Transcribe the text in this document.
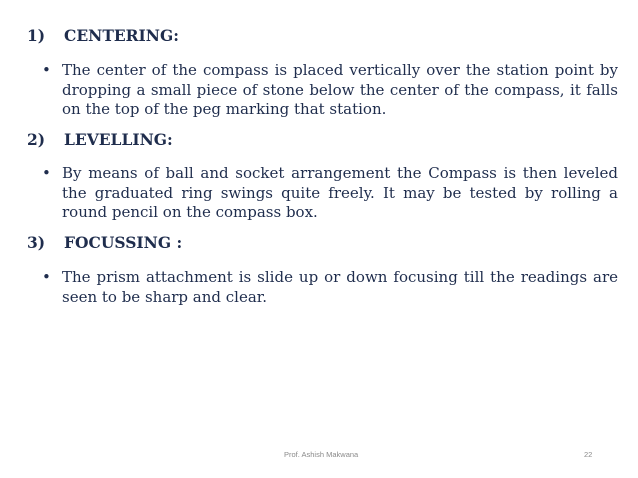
1) CENTERING:
• The center of the compass is placed vertically over the station point by dropping a small piece of stone below the center of the compass, it falls on the top of the peg marking that station.
2) LEVELLING:
• By means of ball and socket arrangement the Compass is then leveled the graduated ring swings quite freely. It may be tested by rolling a round pencil on the compass box.
3) FOCUSSING :
• The prism attachment is slide up or down focusing till the readings are seen to be sharp and clear.
Prof. Ashish Makwana	22
